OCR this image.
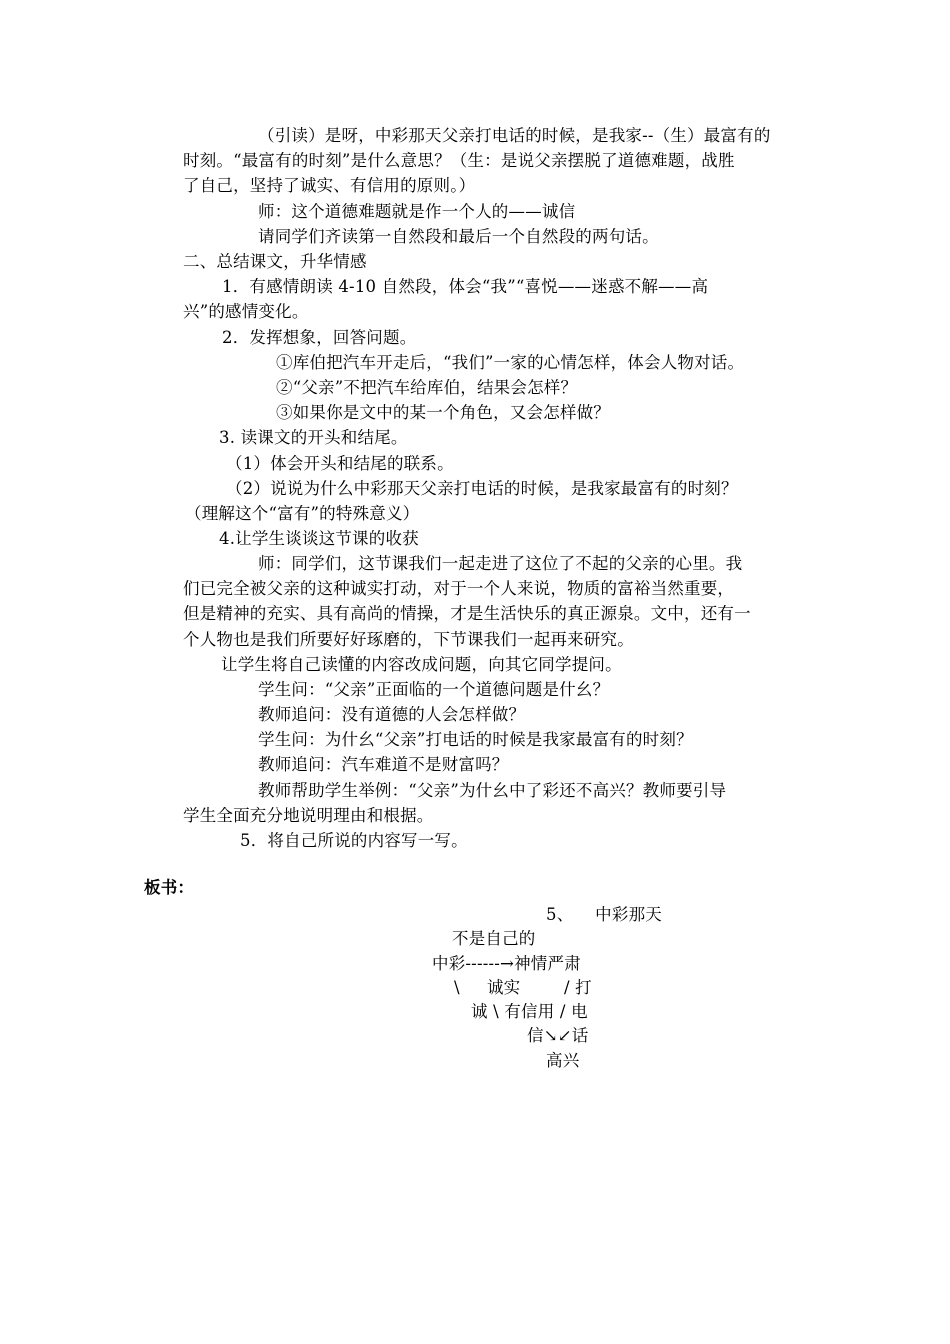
（引读）是呀，中彩那天父亲打电话的时候，是我家--（生）最富有的
时刻。“最富有的时刻”是什么意思？（生：是说父亲摆脱了道德难题，战胜
了自己，坚持了诚实、有信用的原则。）
师：这个道德难题就是作一个人的——诚信
请同学们齐读第一自然段和最后一个自然段的两句话。
二、总结课文，升华情感
1．有感情朗读 4-10 自然段，体会“我”“喜悦——迷惑不解——高
兴”的感情变化。
2．发挥想象，回答问题。
①库伯把汽车开走后，“我们”一家的心情怎样，体会人物对话。
②“父亲”不把汽车给库伯，结果会怎样？
③如果你是文中的某一个角色，又会怎样做？
3. 读课文的开头和结尾。
（1）体会开头和结尾的联系。
（2）说说为什么中彩那天父亲打电话的时候，是我家最富有的时刻？
（理解这个“富有”的特殊意义）
4.让学生谈谈这节课的收获
师：同学们，这节课我们一起走进了这位了不起的父亲的心里。我
们已完全被父亲的这种诚实打动，对于一个人来说，物质的富裕当然重要，
但是精神的充实、具有高尚的情操，才是生活快乐的真正源泉。文中，还有一
个人物也是我们所要好好琢磨的，下节课我们一起再来研究。
让学生将自己读懂的内容改成问题，向其它同学提问。
学生问：“父亲”正面临的一个道德问题是什幺？
教师追问：没有道德的人会怎样做？
学生问：为什幺“父亲”打电话的时候是我家最富有的时刻？
教师追问：汽车难道不是财富吗？
教师帮助学生举例：“父亲”为什幺中了彩还不高兴？教师要引导
学生全面充分地说明理由和根据。
5．将自己所说的内容写一写。
板书：
5、    中彩那天
不是自己的
中彩------→神情严肃
\     诚实        / 打
诚 \ 有信用 / 电
信↘↙话
高兴
